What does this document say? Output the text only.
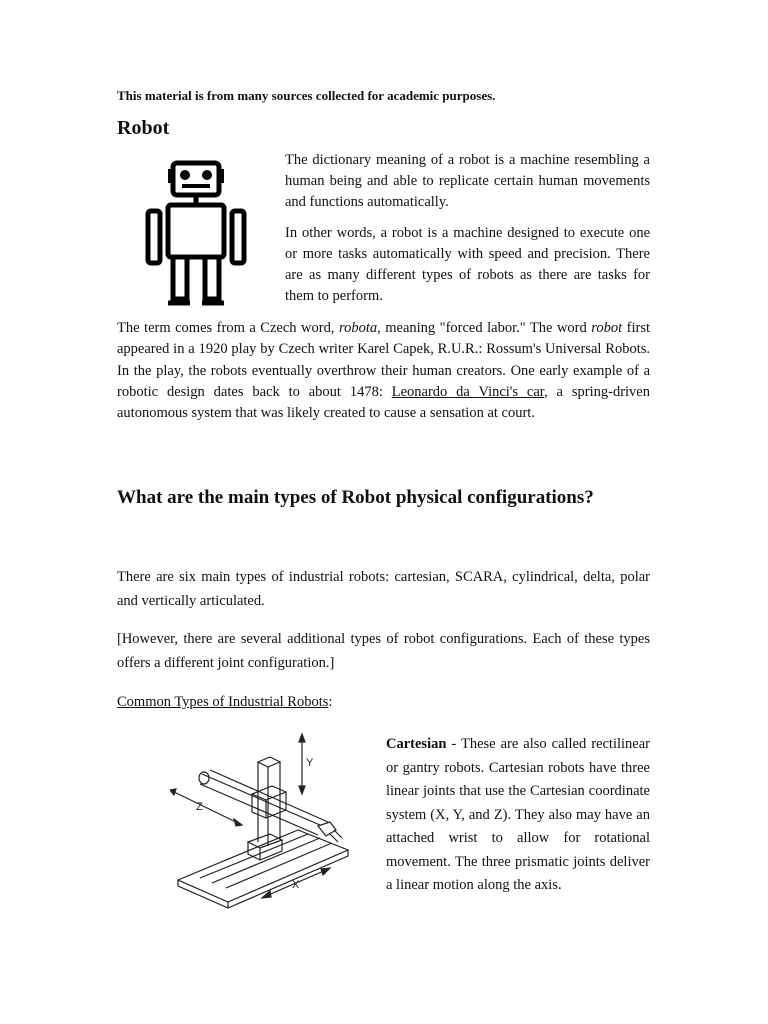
This material is from many sources collected for academic purposes.
Robot

The dictionary meaning of a robot is a machine resembling a human being and able to replicate certain human movements and functions automatically.

In other words, a robot is a machine designed to execute one or more tasks automatically with speed and precision. There are as many different types of robots as there are tasks for them to perform.

The term comes from a Czech word, robota, meaning "forced labor." The word robot first appeared in a 1920 play by Czech writer Karel Capek, R.U.R.: Rossum's Universal Robots. In the play, the robots eventually overthrow their human creators. One early example of a robotic design dates back to about 1478: Leonardo da Vinci's car, a spring-driven autonomous system that was likely created to cause a sensation at court.
What are the main types of Robot physical configurations?
There are six main types of industrial robots: cartesian, SCARA, cylindrical, delta, polar and vertically articulated.
[However, there are several additional types of robot configurations. Each of these types offers a different joint configuration.]
Common Types of Industrial Robots:
Y
Z
X
Cartesian - These are also called rectilinear or gantry robots. Cartesian robots have three linear joints that use the Cartesian coordinate system (X, Y, and Z). They also may have an attached wrist to allow for rotational movement. The three prismatic joints deliver a linear motion along the axis.
